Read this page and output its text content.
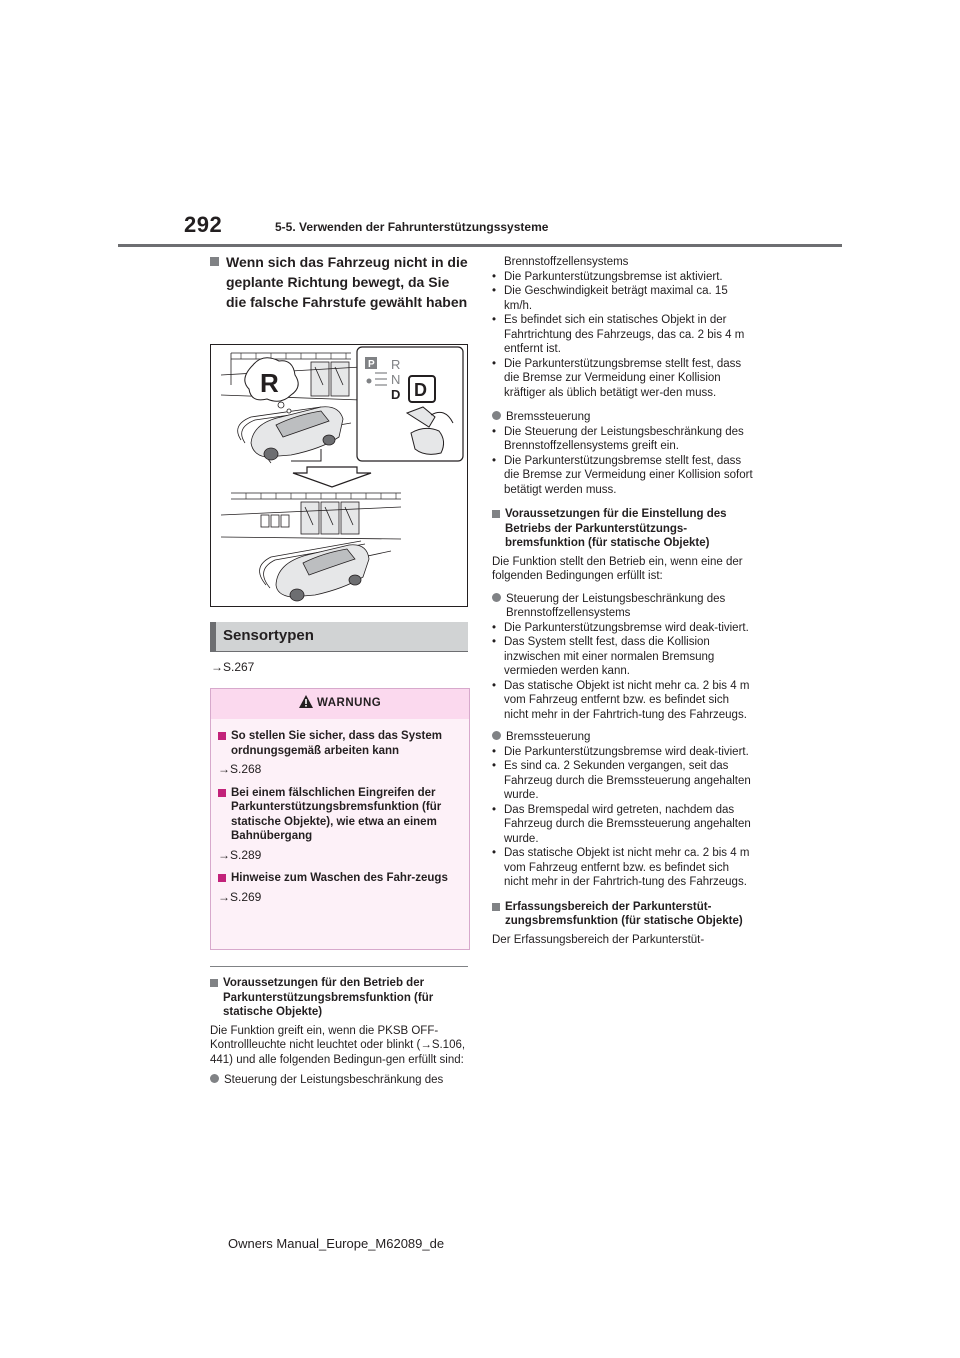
292	5-5. Verwenden der Fahrunterstützungssysteme
Wenn sich das Fahrzeug nicht in die geplante Richtung bewegt, da Sie die falsche Fahrstufe gewählt haben
R
P R
N
D D
Sensortypen
→S.267
WARNUNG
So stellen Sie sicher, dass das System ordnungsgemäß arbeiten kann
→S.268
Bei einem fälschlichen Eingreifen der Parkunterstützungsbremsfunktion (für statische Objekte), wie etwa an einem Bahnübergang
→S.289
Hinweise zum Waschen des Fahr-zeugs
→S.269
Voraussetzungen für den Betrieb der Parkunterstützungsbremsfunktion (für statische Objekte)
Die Funktion greift ein, wenn die PKSB OFF-Kontrollleuchte nicht leuchtet oder blinkt (→S.106, 441) und alle folgenden Bedingun-gen erfüllt sind:
Steuerung der Leistungsbeschränkung des
Brennstoffzellensystems
• Die Parkunterstützungsbremse ist aktiviert.
• Die Geschwindigkeit beträgt maximal ca. 15 km/h.
• Es befindet sich ein statisches Objekt in der Fahrtrichtung des Fahrzeugs, das ca. 2 bis 4 m entfernt ist.
• Die Parkunterstützungsbremse stellt fest, dass die Bremse zur Vermeidung einer Kollision kräftiger als üblich betätigt wer-den muss.
Bremssteuerung
• Die Steuerung der Leistungsbeschränkung des Brennstoffzellensystems greift ein.
• Die Parkunterstützungsbremse stellt fest, dass die Bremse zur Vermeidung einer Kollision sofort betätigt werden muss.
Voraussetzungen für die Einstellung des Betriebs der Parkunterstützungs-bremsfunktion (für statische Objekte)
Die Funktion stellt den Betrieb ein, wenn eine der folgenden Bedingungen erfüllt ist:
Steuerung der Leistungsbeschränkung des Brennstoffzellensystems
• Die Parkunterstützungsbremse wird deak-tiviert.
• Das System stellt fest, dass die Kollision inzwischen mit einer normalen Bremsung vermieden werden kann.
• Das statische Objekt ist nicht mehr ca. 2 bis 4 m vom Fahrzeug entfernt bzw. es befindet sich nicht mehr in der Fahrtrich-tung des Fahrzeugs.
Bremssteuerung
• Die Parkunterstützungsbremse wird deak-tiviert.
• Es sind ca. 2 Sekunden vergangen, seit das Fahrzeug durch die Bremssteuerung angehalten wurde.
• Das Bremspedal wird getreten, nachdem das Fahrzeug durch die Bremssteuerung angehalten wurde.
• Das statische Objekt ist nicht mehr ca. 2 bis 4 m vom Fahrzeug entfernt bzw. es befindet sich nicht mehr in der Fahrtrich-tung des Fahrzeugs.
Erfassungsbereich der Parkunterstüt-zungsbremsfunktion (für statische Objekte)
Der Erfassungsbereich der Parkunterstüt-
Owners Manual_Europe_M62089_de
